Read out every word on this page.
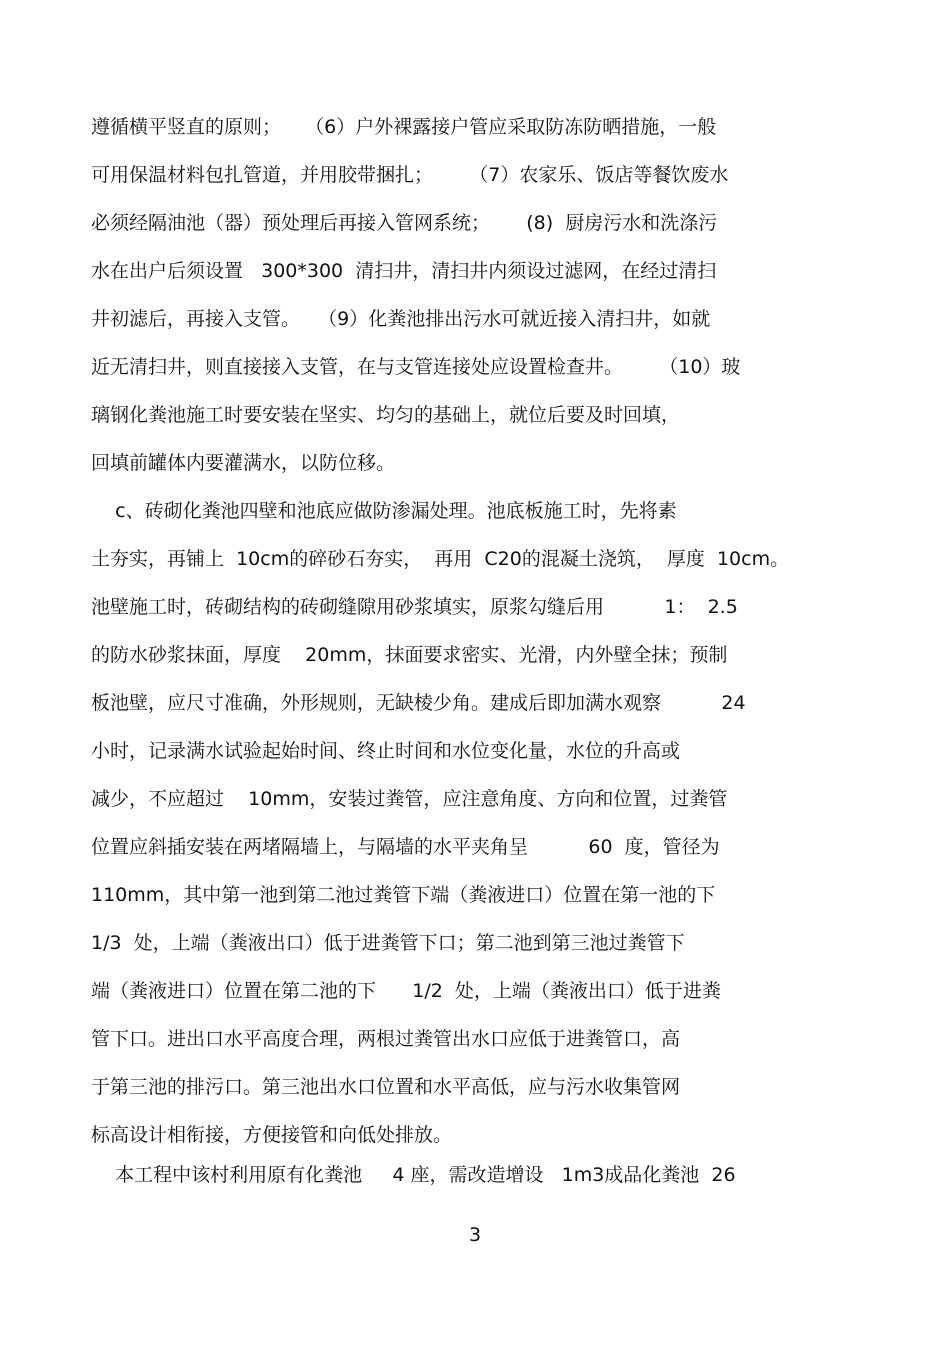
遵循横平竖直的原则；    （6）户外裸露接户管应采取防冻防晒措施，一般
可用保温材料包扎管道，并用胶带捆扎；      （7）农家乐、饭店等餐饮废水
必须经隔油池（器）预处理后再接入管网系统；      (8)  厨房污水和洗涤污
水在出户后须设置   300*300  清扫井，清扫井内须设过滤网，在经过清扫
井初滤后，再接入支管。   （9）化粪池排出污水可就近接入清扫井，如就
近无清扫井，则直接接入支管，在与支管连接处应设置检查井。      （10）玻
璃钢化粪池施工时要安装在坚实、均匀的基础上，就位后要及时回填，
回填前罐体内要灌满水，以防位移。
c、砖砌化粪池四壁和池底应做防渗漏处理。池底板施工时，先将素
土夯实，再铺上  10cm的碎砂石夯实，  再用  C20的混凝土浇筑，  厚度  10cm。
池壁施工时，砖砌结构的砖砌缝隙用砂浆填实，原浆勾缝后用          1：  2.5
的防水砂浆抹面，厚度    20mm，抹面要求密实、光滑，内外壁全抹；预制
板池壁，应尺寸准确，外形规则，无缺棱少角。建成后即加满水观察          24
小时，记录满水试验起始时间、终止时间和水位变化量，水位的升高或
减少，不应超过    10mm，安装过粪管，应注意角度、方向和位置，过粪管
位置应斜插安装在两堵隔墙上，与隔墙的水平夹角呈          60  度，管径为
110mm，其中第一池到第二池过粪管下端（粪液进口）位置在第一池的下
1/3  处，上端（粪液出口）低于进粪管下口；第二池到第三池过粪管下
端（粪液进口）位置在第二池的下      1/2  处，上端（粪液出口）低于进粪
管下口。进出口水平高度合理，两根过粪管出水口应低于进粪管口，高
于第三池的排污口。第三池出水口位置和水平高低，应与污水收集管网
标高设计相衔接，方便接管和向低处排放。
本工程中该村利用原有化粪池     4 座，需改造增设   1m3成品化粪池  26
3
